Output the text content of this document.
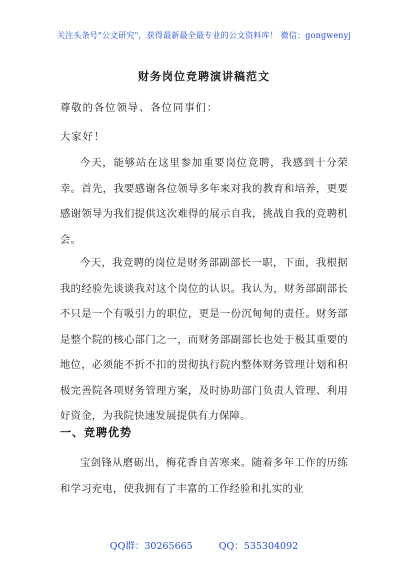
关注头条号"公文研究"，获得最新最全最专业的公文资料库！ 微信：gongwenyj
财务岗位竞聘演讲稿范文

尊敬的各位领导、各位同事们：

大家好！

今天，能够站在这里参加重要岗位竞聘，我感到十分荣幸。首先，我要感谢各位领导多年来对我的教育和培养，更要感谢领导为我们提供这次难得的展示自我，挑战自我的竞聘机会。

今天，我竞聘的岗位是财务部副部长一职，下面，我根据我的经验先谈谈我对这个岗位的认识。我认为，财务部副部长不只是一个有吸引力的职位，更是一份沉甸甸的责任。财务部是整个院的核心部门之一，而财务部副部长也处于极其重要的地位，必须能不折不扣的贯彻执行院内整体财务管理计划和积极完善院各项财务管理方案，及时协助部门负责人管理、利用好资金，为我院快速发展提供有力保障。

一、竞聘优势

宝剑锋从磨砺出，梅花香自苦寒来。随着多年工作的历练和学习充电，使我拥有了丰富的工作经验和扎实的业

QQ群：30265665	QQ：535304092
